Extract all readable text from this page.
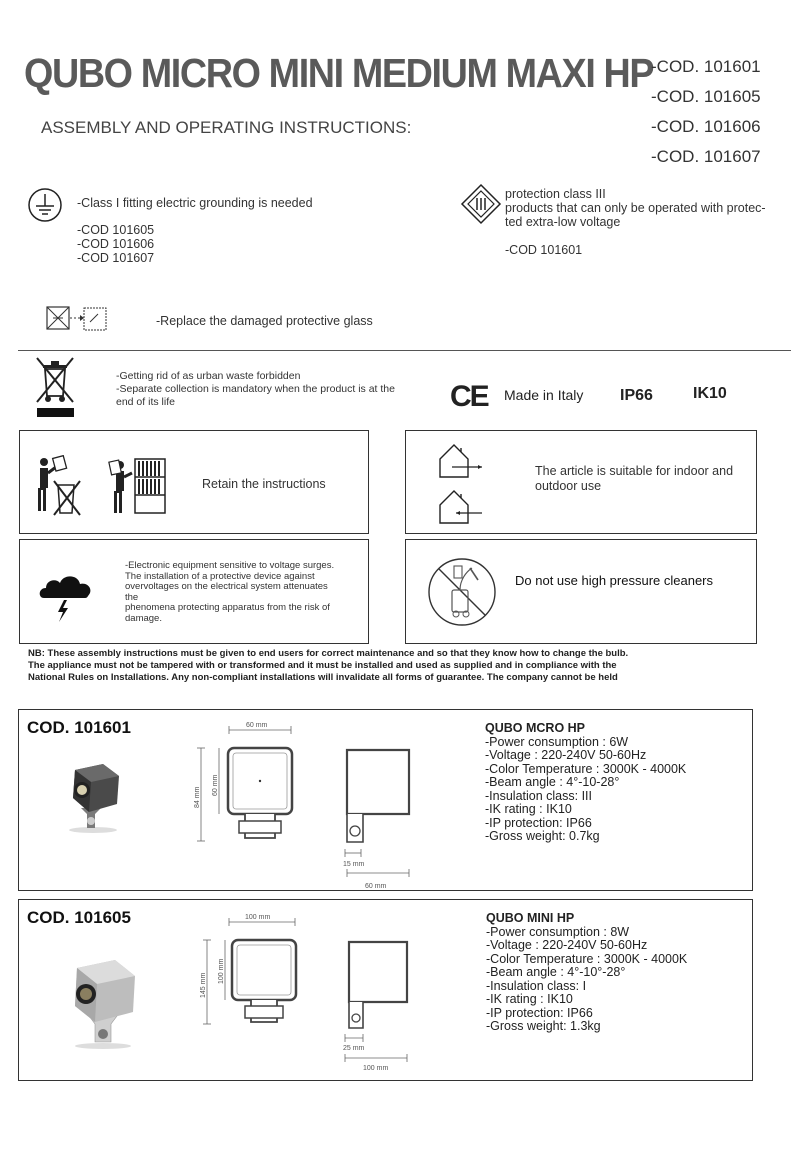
QUBO MICRO MINI MEDIUM MAXI HP
-COD. 101601
-COD. 101605
-COD. 101606
-COD. 101607
ASSEMBLY AND OPERATING INSTRUCTIONS:
-Class I fitting electric grounding is needed
-COD 101605
-COD 101606
-COD 101607
protection class III
products that can only be operated with protec-
ted extra-low voltage
-COD 101601
-Replace the damaged protective glass
-Getting rid of as urban waste forbidden
-Separate collection is mandatory when the product is at the
end of its life	CE Made in Italy IP66	IK10
Retain the instructions
The article is suitable for indoor and
outdoor use
-Electronic equipment sensitive to voltage surges.
The installation of a protective device against
overvoltages on the electrical system attenuates
the
phenomena protecting apparatus from the risk of
damage.
Do not use high pressure cleaners
NB: These assembly instructions must be given to end users for correct maintenance and so that they know how to change the bulb.
The appliance must not be tampered with or transformed and it must be installed and used as supplied and in compliance with the
National Rules on Installations. Any non-compliant installations will invalidate all forms of guarantee. The company cannot be held
COD. 101601	60 mm
84 mm
60 mm
15 mm
60 mm
QUBO MCRO HP
-Power consumption : 6W
-Voltage : 220-240V 50-60Hz
-Color Temperature : 3000K - 4000K
-Beam angle : 4°-10-28°
-Insulation class: III
-IK rating : IK10
-IP protection: IP66
-Gross weight: 0.7kg
COD. 101605	100 mm
145 mm
100 mm
25 mm
100 mm
QUBO MINI HP
-Power consumption : 8W
-Voltage : 220-240V 50-60Hz
-Color Temperature : 3000K - 4000K
-Beam angle : 4°-10°-28°
-Insulation class: I
-IK rating : IK10
-IP protection: IP66
-Gross weight: 1.3kg
